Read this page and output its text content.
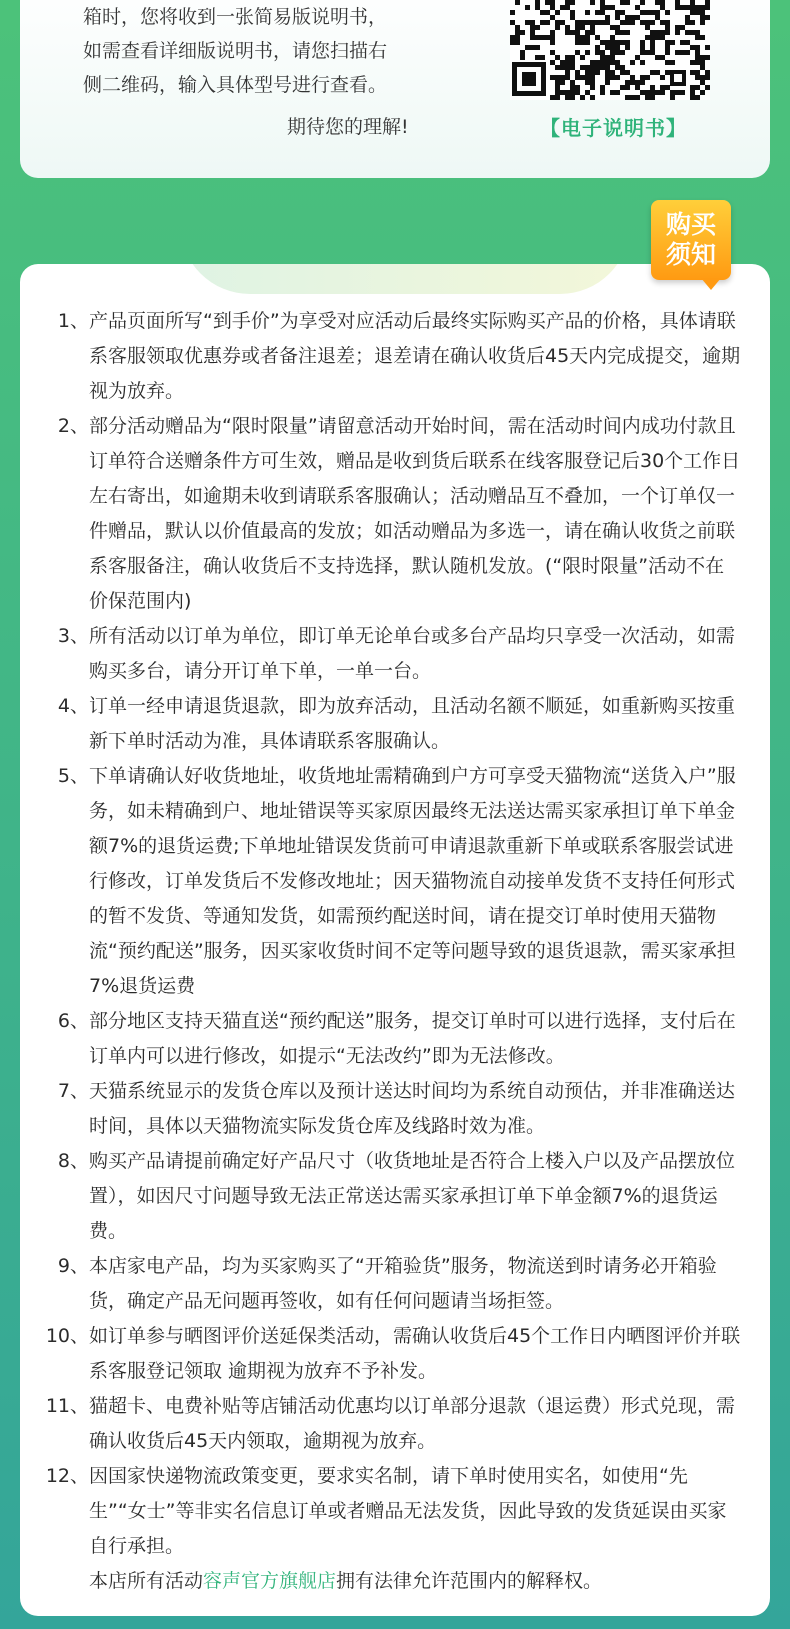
箱时，您将收到一张简易版说明书，

如需查看详细版说明书，请您扫描右

侧二维码，输入具体型号进行查看。

期待您的理解!	【电子说明书】
购买
须知
1、 产品页面所写“到手价”为享受对应活动后最终实际购买产品的价格，具体请联系客服领取优惠券或者备注退差；退差请在确认收货后45天内完成提交，逾期视为放弃。
2、 部分活动赠品为“限时限量”请留意活动开始时间，需在活动时间内成功付款且订单符合送赠条件方可生效，赠品是收到货后联系在线客服登记后30个工作日左右寄出，如逾期未收到请联系客服确认；活动赠品互不叠加，一个订单仅一件赠品，默认以价值最高的发放；如活动赠品为多选一，请在确认收货之前联系客服备注，确认收货后不支持选择，默认随机发放。(“限时限量”活动不在价保范围内)
3、 所有活动以订单为单位，即订单无论单台或多台产品均只享受一次活动，如需购买多台，请分开订单下单，一单一台。
4、 订单一经申请退货退款，即为放弃活动，且活动名额不顺延，如重新购买按重新下单时活动为准，具体请联系客服确认。
5、 下单请确认好收货地址，收货地址需精确到户方可享受天猫物流“送货入户”服务，如未精确到户、地址错误等买家原因最终无法送达需买家承担订单下单金额7%的退货运费;下单地址错误发货前可申请退款重新下单或联系客服尝试进行修改，订单发货后不发修改地址；因天猫物流自动接单发货不支持任何形式的暂不发货、等通知发货，如需预约配送时间，请在提交订单时使用天猫物流“预约配送”服务，因买家收货时间不定等问题导致的退货退款，需买家承担7%退货运费
6、 部分地区支持天猫直送“预约配送”服务，提交订单时可以进行选择，支付后在订单内可以进行修改，如提示“无法改约”即为无法修改。
7、 天猫系统显示的发货仓库以及预计送达时间均为系统自动预估，并非准确送达时间，具体以天猫物流实际发货仓库及线路时效为准。
8、 购买产品请提前确定好产品尺寸（收货地址是否符合上楼入户以及产品摆放位置），如因尺寸问题导致无法正常送达需买家承担订单下单金额7%的退货运费。
9、 本店家电产品，均为买家购买了“开箱验货”服务，物流送到时请务必开箱验货，确定产品无问题再签收，如有任何问题请当场拒签。
10、 如订单参与晒图评价送延保类活动，需确认收货后45个工作日内晒图评价并联系客服登记领取 逾期视为放弃不予补发。
11、 猫超卡、电费补贴等店铺活动优惠均以订单部分退款（退运费）形式兑现，需确认收货后45天内领取，逾期视为放弃。
12、 因国家快递物流政策变更，要求实名制，请下单时使用实名，如使用“先生”“女士”等非实名信息订单或者赠品无法发货，因此导致的发货延误由买家自行承担。
本店所有活动容声官方旗舰店拥有法律允许范围内的解释权。
